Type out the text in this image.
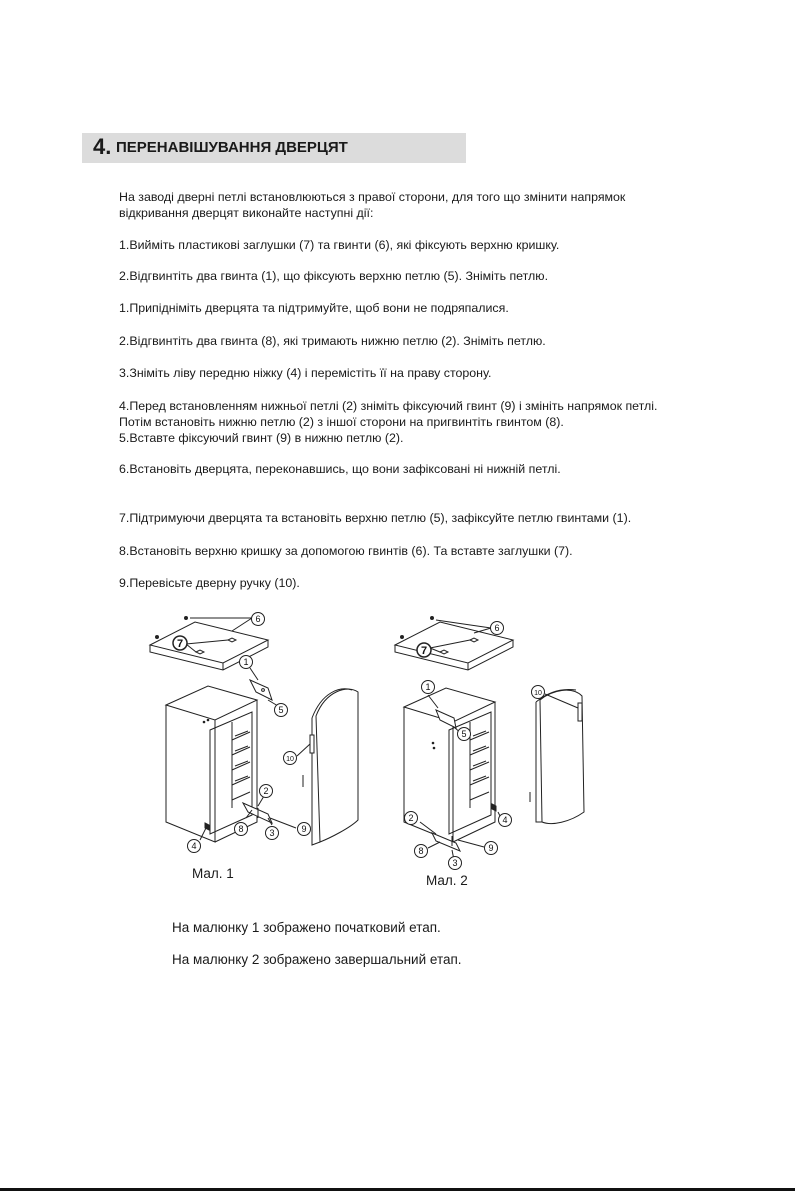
4. ПЕРЕНАВІШУВАННЯ ДВЕРЦЯТ
На заводі дверні петлі встановлюються з правої сторони, для того що змінити напрямок
відкривання дверцят виконайте наступні дії:
1.Вийміть пластикові заглушки (7) та гвинти (6), які фіксують верхню кришку.
2.Відгвинтіть два гвинта (1), що фіксують верхню петлю (5). Зніміть петлю.
1.Припідніміть дверцята та підтримуйте, щоб вони не подряпалися.
2.Відгвинтіть два гвинта (8), які тримають нижню петлю (2). Зніміть петлю.
3.Зніміть ліву передню ніжку (4) і перемістіть її на праву сторону.
4.Перед встановленням нижньої петлі (2) зніміть фіксуючий гвинт (9) і змініть напрямок петлі.
Потім встановіть нижню петлю (2) з іншої сторони на пригвинтіть гвинтом (8).
5.Вставте фіксуючий гвинт (9) в нижню петлю (2).
6.Встановіть дверцята, переконавшись, що вони зафіксовані ні нижній петлі.
7.Підтримуючи дверцята та встановіть верхню петлю (5), зафіксуйте петлю гвинтами (1).
8.Встановіть верхню кришку за допомогою гвинтів (6). Та вставте заглушки (7).
9.Перевісьте дверну ручку (10).
6
7
1
5
10
2
8	3	9
4
6
7
1
5
10
4
2
8	9
3
Мал. 1	Мал. 2
На малюнку 1 зображено початковий етап.
На малюнку 2 зображено завершальний етап.
